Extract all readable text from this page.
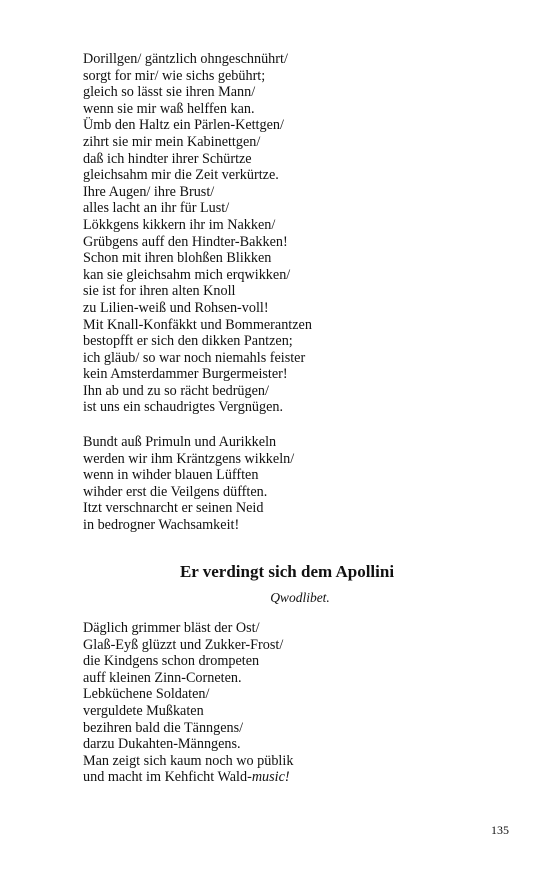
Dorillgen/ gäntzlich ohngeschnührt/
sorgt for mir/ wie sichs gebührt;
gleich so lässt sie ihren Mann/
wenn sie mir waß helffen kan.
Ümb den Haltz ein Pärlen-Kettgen/
zihrt sie mir mein Kabinettgen/
daß ich hindter ihrer Schürtze
gleichsahm mir die Zeit verkürtze.
Ihre Augen/ ihre Brust/
alles lacht an ihr für Lust/
Lökkgens kikkern ihr im Nakken/
Grübgens auff den Hindter-Bakken!
Schon mit ihren blohßen Blikken
kan sie gleichsahm mich erqwikken/
sie ist for ihren alten Knoll
zu Lilien-weiß und Rohsen-voll!
Mit Knall-Konfäkkt und Bommerantzen
bestopfft er sich den dikken Pantzen;
ich gläub/ so war noch niemahls feister
kein Amsterdammer Burgermeister!
Ihn ab und zu so rächt bedrügen/
ist uns ein schaudrigtes Vergnügen.
Bundt auß Primuln und Aurikkeln
werden wir ihm Kräntzgens wikkeln/
wenn in wihder blauen Lüfften
wihder erst die Veilgens düfften.
Itzt verschnarcht er seinen Neid
in bedrogner Wachsamkeit!
Er verdingt sich dem Apollini
Qwodlibet.
Däglich grimmer bläst der Ost/
Glaß-Eyß glüzzt und Zukker-Frost/
die Kindgens schon drompeten
auff kleinen Zinn-Corneten.
Lebküchene Soldaten/
verguldete Mußkaten
bezihren bald die Tänngens/
darzu Dukahten-Männgens.
Man zeigt sich kaum noch wo püblik
und macht im Kehficht Wald-music!
135
